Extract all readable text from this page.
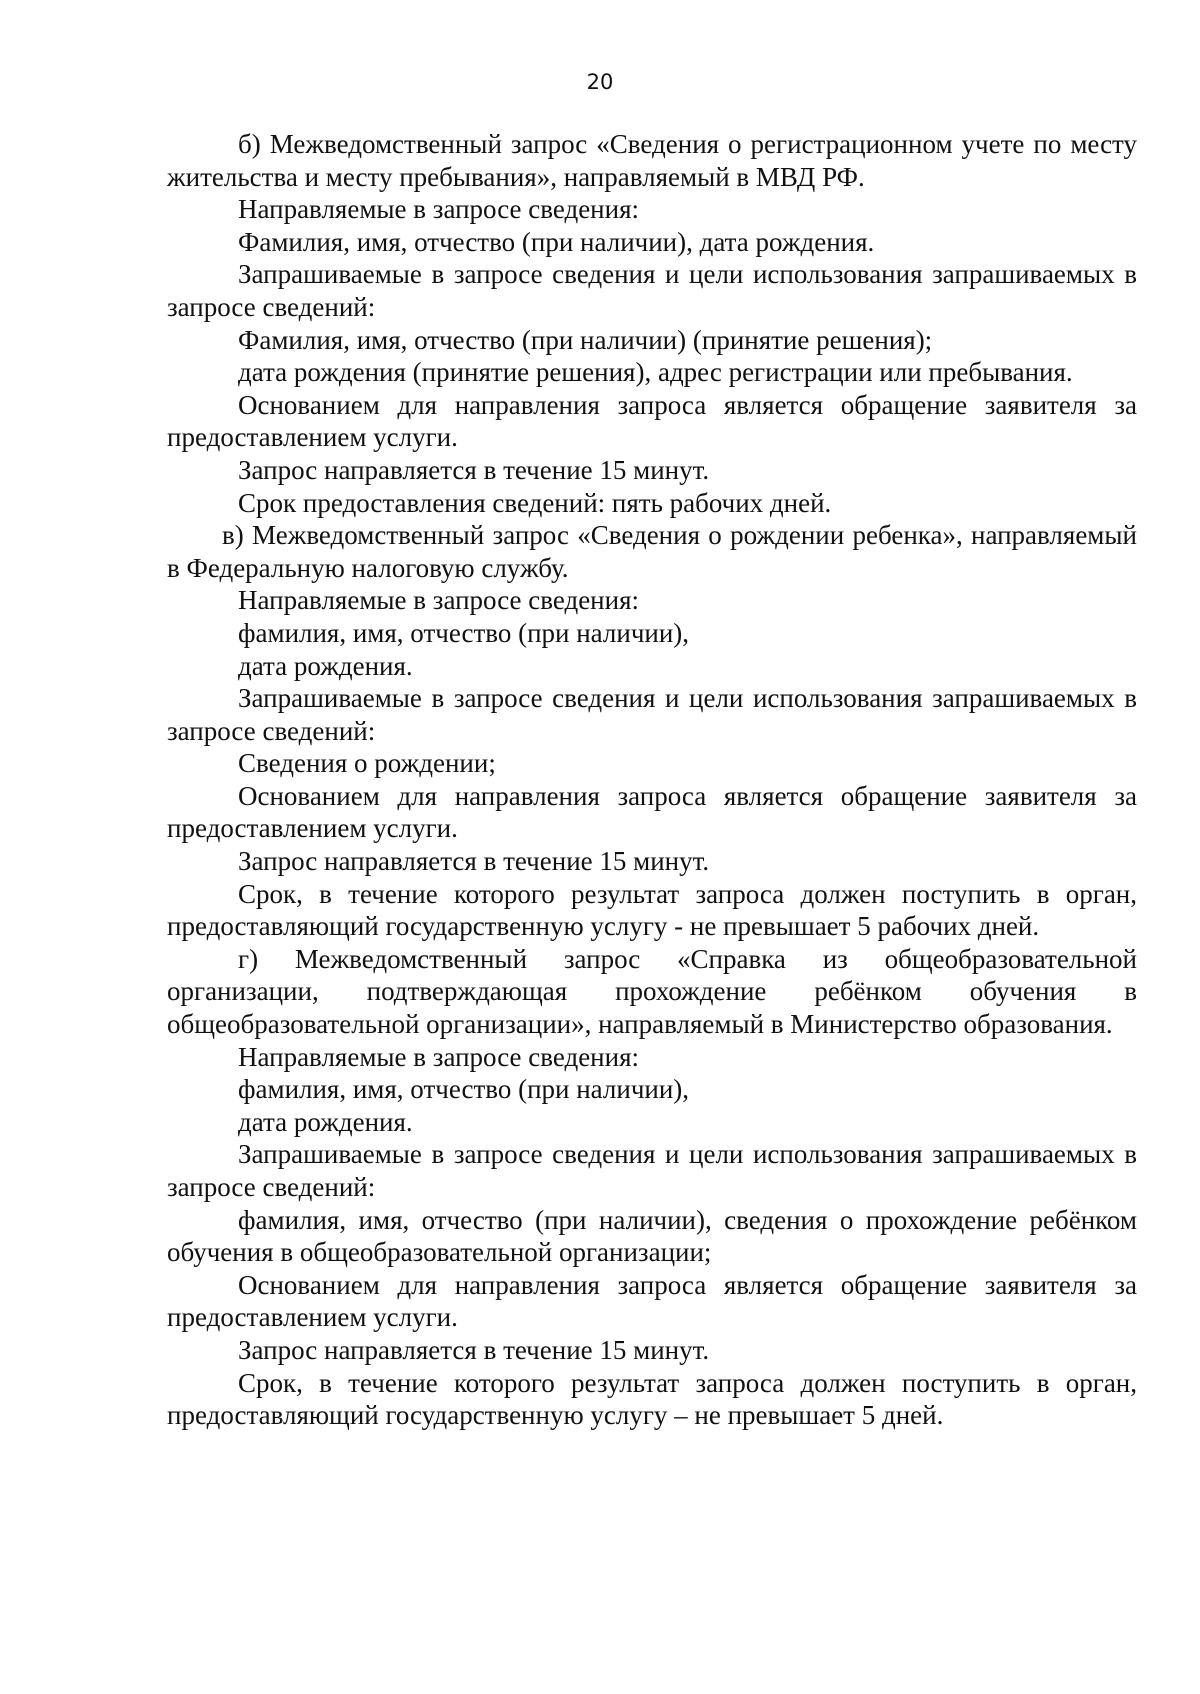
20

б) Межведомственный запрос «Сведения о регистрационном учете по месту жительства и месту пребывания», направляемый в МВД РФ.

Направляемые в запросе сведения:

Фамилия, имя, отчество (при наличии), дата рождения.

Запрашиваемые в запросе сведения и цели использования запрашиваемых в запросе сведений:

Фамилия, имя, отчество (при наличии) (принятие решения);

дата рождения (принятие решения), адрес регистрации или пребывания.

Основанием для направления запроса является обращение заявителя за предоставлением услуги.

Запрос направляется в течение 15 минут.

Срок предоставления сведений: пять рабочих дней.

в) Межведомственный запрос «Сведения о рождении ребенка», направляемый в Федеральную налоговую службу.

Направляемые в запросе сведения:

фамилия, имя, отчество (при наличии),

дата рождения.

Запрашиваемые в запросе сведения и цели использования запрашиваемых в запросе сведений:

Сведения о рождении;

Основанием для направления запроса является обращение заявителя за предоставлением услуги.

Запрос направляется в течение 15 минут.

Срок, в течение которого результат запроса должен поступить в орган, предоставляющий государственную услугу - не превышает 5 рабочих дней.

г) Межведомственный запрос «Справка из общеобразовательной организации, подтверждающая прохождение ребёнком обучения в общеобразовательной организации», направляемый в Министерство образования.

Направляемые в запросе сведения:

фамилия, имя, отчество (при наличии),

дата рождения.

Запрашиваемые в запросе сведения и цели использования запрашиваемых в запросе сведений:

фамилия, имя, отчество (при наличии), сведения о прохождение ребёнком обучения в общеобразовательной организации;

Основанием для направления запроса является обращение заявителя за предоставлением услуги.

Запрос направляется в течение 15 минут.

Срок, в течение которого результат запроса должен поступить в орган, предоставляющий государственную услугу – не превышает 5 дней.
